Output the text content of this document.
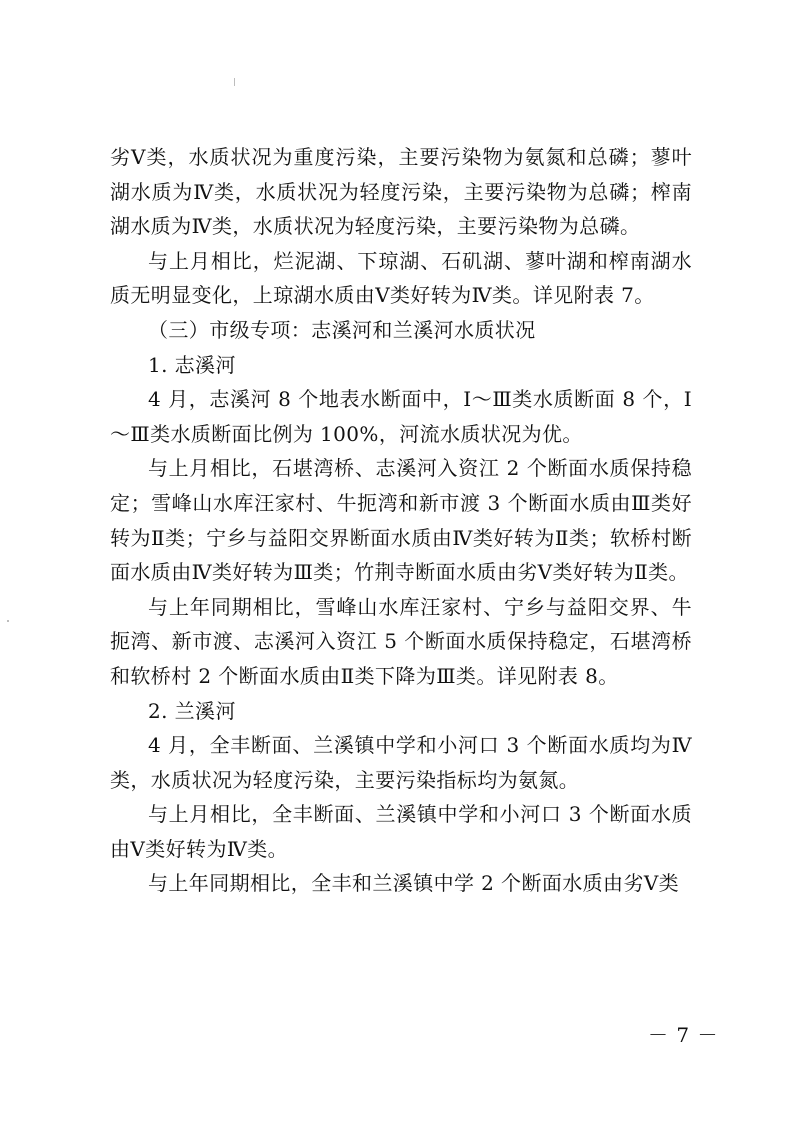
劣Ⅴ类，水质状况为重度污染，主要污染物为氨氮和总磷；蓼叶湖水质为Ⅳ类，水质状况为轻度污染，主要污染物为总磷；榨南湖水质为Ⅳ类，水质状况为轻度污染，主要污染物为总磷。

与上月相比，烂泥湖、下琼湖、石矶湖、蓼叶湖和榨南湖水质无明显变化，上琼湖水质由Ⅴ类好转为Ⅳ类。详见附表 7。

（三）市级专项：志溪河和兰溪河水质状况

1. 志溪河

4 月，志溪河 8 个地表水断面中，Ⅰ～Ⅲ类水质断面 8 个，Ⅰ～Ⅲ类水质断面比例为 100%，河流水质状况为优。

与上月相比，石堪湾桥、志溪河入资江 2 个断面水质保持稳定；雪峰山水库汪家村、牛扼湾和新市渡 3 个断面水质由Ⅲ类好转为Ⅱ类；宁乡与益阳交界断面水质由Ⅳ类好转为Ⅱ类；软桥村断面水质由Ⅳ类好转为Ⅲ类；竹荆寺断面水质由劣Ⅴ类好转为Ⅱ类。

与上年同期相比，雪峰山水库汪家村、宁乡与益阳交界、牛扼湾、新市渡、志溪河入资江 5 个断面水质保持稳定，石堪湾桥和软桥村 2 个断面水质由Ⅱ类下降为Ⅲ类。详见附表 8。

2. 兰溪河

4 月，全丰断面、兰溪镇中学和小河口 3 个断面水质均为Ⅳ类，水质状况为轻度污染，主要污染指标均为氨氮。

与上月相比，全丰断面、兰溪镇中学和小河口 3 个断面水质由Ⅴ类好转为Ⅳ类。

与上年同期相比，全丰和兰溪镇中学 2 个断面水质由劣Ⅴ类

－ 7 －
